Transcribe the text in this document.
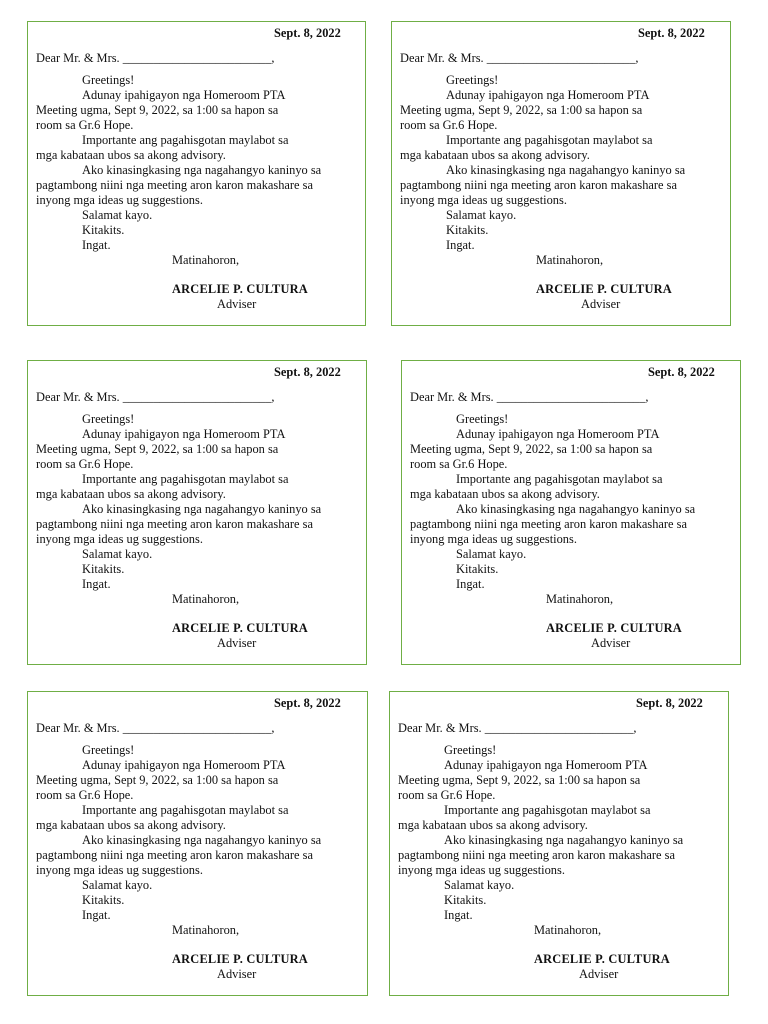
Sept. 8, 2022
Dear Mr. & Mrs. ________________________,
Greetings!
Adunay ipahigayon nga Homeroom PTA
Meeting ugma, Sept 9, 2022, sa 1:00 sa hapon sa
room sa Gr.6 Hope.
Importante ang pagahisgotan maylabot sa
mga kabataan ubos sa akong advisory.
Ako kinasingkasing nga nagahangyo kaninyo sa
pagtambong niini nga meeting aron karon makashare sa
inyong mga ideas ug suggestions.
Salamat kayo.
Kitakits.
Ingat.
Matinahoron,
ARCELIE P. CULTURA
Adviser
Sept. 8, 2022
Dear Mr. & Mrs. ________________________,
Greetings!
Adunay ipahigayon nga Homeroom PTA
Meeting ugma, Sept 9, 2022, sa 1:00 sa hapon sa
room sa Gr.6 Hope.
Importante ang pagahisgotan maylabot sa
mga kabataan ubos sa akong advisory.
Ako kinasingkasing nga nagahangyo kaninyo sa
pagtambong niini nga meeting aron karon makashare sa
inyong mga ideas ug suggestions.
Salamat kayo.
Kitakits.
Ingat.
Matinahoron,
ARCELIE P. CULTURA
Adviser
Sept. 8, 2022
Dear Mr. & Mrs. ________________________,
Greetings!
Adunay ipahigayon nga Homeroom PTA
Meeting ugma, Sept 9, 2022, sa 1:00 sa hapon sa
room sa Gr.6 Hope.
Importante ang pagahisgotan maylabot sa
mga kabataan ubos sa akong advisory.
Ako kinasingkasing nga nagahangyo kaninyo sa
pagtambong niini nga meeting aron karon makashare sa
inyong mga ideas ug suggestions.
Salamat kayo.
Kitakits.
Ingat.
Matinahoron,
ARCELIE P. CULTURA
Adviser
Sept. 8, 2022
Dear Mr. & Mrs. ________________________,
Greetings!
Adunay ipahigayon nga Homeroom PTA
Meeting ugma, Sept 9, 2022, sa 1:00 sa hapon sa
room sa Gr.6 Hope.
Importante ang pagahisgotan maylabot sa
mga kabataan ubos sa akong advisory.
Ako kinasingkasing nga nagahangyo kaninyo sa
pagtambong niini nga meeting aron karon makashare sa
inyong mga ideas ug suggestions.
Salamat kayo.
Kitakits.
Ingat.
Matinahoron,
ARCELIE P. CULTURA
Adviser
Sept. 8, 2022
Dear Mr. & Mrs. ________________________,
Greetings!
Adunay ipahigayon nga Homeroom PTA
Meeting ugma, Sept 9, 2022, sa 1:00 sa hapon sa
room sa Gr.6 Hope.
Importante ang pagahisgotan maylabot sa
mga kabataan ubos sa akong advisory.
Ako kinasingkasing nga nagahangyo kaninyo sa
pagtambong niini nga meeting aron karon makashare sa
inyong mga ideas ug suggestions.
Salamat kayo.
Kitakits.
Ingat.
Matinahoron,
ARCELIE P. CULTURA
Adviser
Sept. 8, 2022
Dear Mr. & Mrs. ________________________,
Greetings!
Adunay ipahigayon nga Homeroom PTA
Meeting ugma, Sept 9, 2022, sa 1:00 sa hapon sa
room sa Gr.6 Hope.
Importante ang pagahisgotan maylabot sa
mga kabataan ubos sa akong advisory.
Ako kinasingkasing nga nagahangyo kaninyo sa
pagtambong niini nga meeting aron karon makashare sa
inyong mga ideas ug suggestions.
Salamat kayo.
Kitakits.
Ingat.
Matinahoron,
ARCELIE P. CULTURA
Adviser
